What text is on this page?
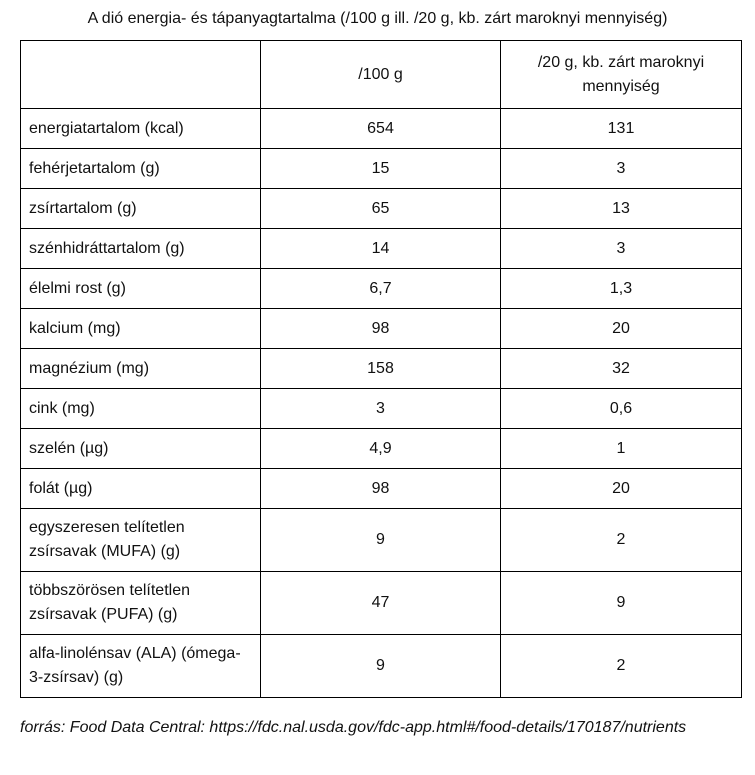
A dió energia- és tápanyagtartalma (/100 g ill. /20 g, kb. zárt maroknyi mennyiség)
	/100 g	/20 g, kb. zárt maroknyi mennyiség
energiatartalom (kcal)	654	131
fehérjetartalom (g)	15	3
zsírtartalom (g)	65	13
szénhidráttartalom (g)	14	3
élelmi rost (g)	6,7	1,3
kalcium (mg)	98	20
magnézium (mg)	158	32
cink (mg)	3	0,6
szelén (µg)	4,9	1
folát (µg)	98	20
egyszeresen telítetlen zsírsavak (MUFA) (g)	9	2
többszörösen telítetlen zsírsavak (PUFA) (g)	47	9
alfa-linolénsav (ALA) (ómega-3-zsírsav) (g)	9	2
forrás: Food Data Central: https://fdc.nal.usda.gov/fdc-app.html#/food-details/170187/nutrients
